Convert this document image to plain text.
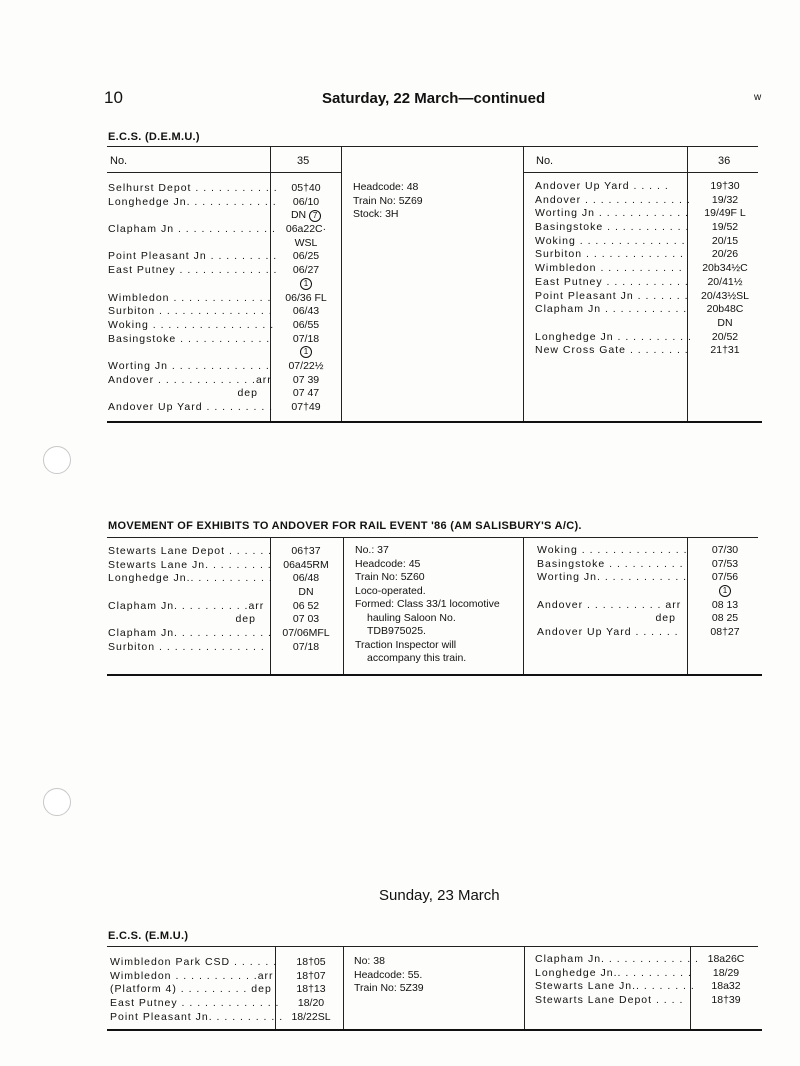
10	Saturday, 22 March—continued	w
E.C.S. (D.E.M.U.)
No.	35	No.	36
Selhurst Depot . . . . . . . . . . .	05†40
Longhedge Jn. . . . . . . . . . . .	06/10
DN 7
Clapham Jn . . . . . . . . . . . . . 06a22C·
WSL
Point Pleasant Jn . . . . . . . . .	06/25
East Putney . . . . . . . . . . . . .	06/27
1
Wimbledon . . . . . . . . . . . . .	06/36 FL
Surbiton . . . . . . . . . . . . . . .	06/43
Woking . . . . . . . . . . . . . . . .	06/55
Basingstoke . . . . . . . . . . . .	07/18
1
Worting Jn . . . . . . . . . . . . .	07/22½
Andover . . . . . . . . . . . . .arr	07 39
dep	07 47
Andover Up Yard . . . . . . . . .	07†49
Headcode: 48
Train No: 5Z69
Stock: 3H
Andover Up Yard . . . . .	19†30
Andover . . . . . . . . . . . . . .	19/32
Worting Jn . . . . . . . . . . . .	19/49F L
Basingstoke . . . . . . . . . . .	19/52
Woking . . . . . . . . . . . . . .	20/15
Surbiton . . . . . . . . . . . . .	20/26
Wimbledon . . . . . . . . . . .	20b34½C
East Putney . . . . . . . . . . .	20/41½
Point Pleasant Jn . . . . . . .	20/43½SL
Clapham Jn . . . . . . . . . . .	20b48C
DN
Longhedge Jn . . . . . . . . . .	20/52
New Cross Gate . . . . . . . .	21†31
MOVEMENT OF EXHIBITS TO ANDOVER FOR RAIL EVENT '86 (AM SALISBURY'S A/C).
Stewarts Lane Depot . . . . . .	06†37
Stewarts Lane Jn. . . . . . . . .	06a45RM
Longhedge Jn.. . . . . . . . . . .	06/48
DN
Clapham Jn. . . . . . . . . .arr	06 52
dep	07 03
Clapham Jn. . . . . . . . . . . . . 07/06MFL
Surbiton . . . . . . . . . . . . . .	07/18
No.: 37
Headcode: 45
Train No: 5Z60
Loco-operated.
Formed: Class 33/1 locomotive
hauling Saloon No.
TDB975025.
Traction Inspector will
accompany this train.
Woking . . . . . . . . . . . . . .	07/30
Basingstoke . . . . . . . . . .	07/53
Worting Jn. . . . . . . . . . . .	07/56
1
Andover . . . . . . . . . . arr	08 13
dep	08 25
Andover Up Yard . . . . . .	08†27
Sunday, 23 March
E.C.S. (E.M.U.)
Wimbledon Park CSD . . . . . .	18†05
Wimbledon . . . . . . . . . . .arr	18†07
(Platform 4) . . . . . . . . . dep	18†13
East Putney . . . . . . . . . . . . .	18/20
Point Pleasant Jn. . . . . . . . . . 18/22SL
No: 38
Headcode: 55.
Train No: 5Z39
Clapham Jn. . . . . . . . . . . . . 18a26C
Longhedge Jn.. . . . . . . . . .	18/29
Stewarts Lane Jn.. . . . . . . .	18a32
Stewarts Lane Depot . . . .	18†39
